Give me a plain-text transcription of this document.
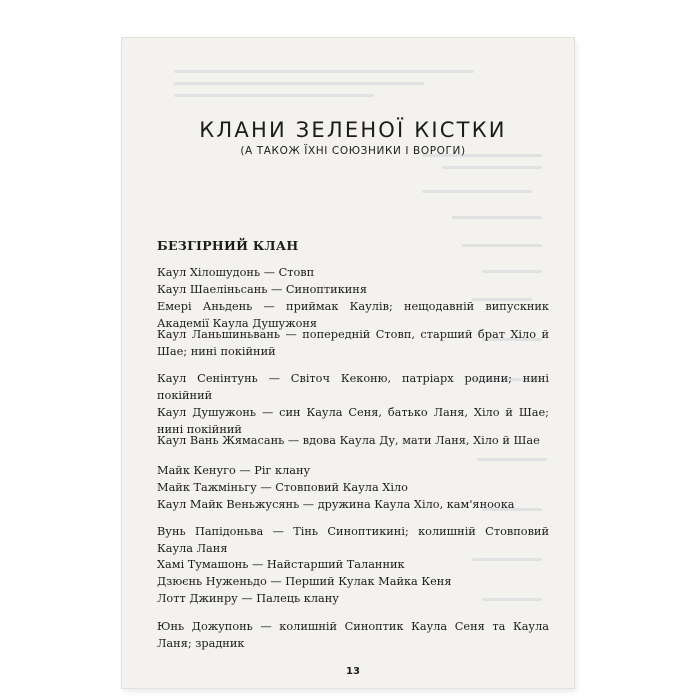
КЛАНИ ЗЕЛЕНОЇ КІСТКИ

(А ТАКОЖ ЇХНІ СОЮЗНИКИ І ВОРОГИ)

БЕЗГІРНИЙ КЛАН

Каул Хілошудонь — Стовп

Каул Шаеліньсань — Синоптикиня

Емері Аньдень — приймак Каулів; нещодавній випускник Академії Каула Душужоня

Каул Ланьшиньвань — попередній Стовп, старший брат Хіло й Шае; нині покійний

Каул Сенінтунь — Світоч Кеконю, патріарх родини; нині покійний

Каул Душужонь — син Каула Сеня, батько Ланя, Хіло й Шае; нині покійний

Каул Вань Жямасань — вдова Каула Ду, мати Ланя, Хіло й Шае

Майк Кенуго — Ріг клану

Майк Тажміньгу — Стовповий Каула Хіло

Каул Майк Веньжусянь — дружина Каула Хіло, кам'яноока

Вунь Папідоньва — Тінь Синоптикині; колишній Стовповий Каула Ланя

Хамі Тумашонь — Найстарший Таланник

Дзюєнь Нуженьдо — Перший Кулак Майка Кеня

Лотт Джинру — Палець клану

Юнь Дожупонь — колишній Синоптик Каула Сеня та Каула Ланя; зрадник

13
